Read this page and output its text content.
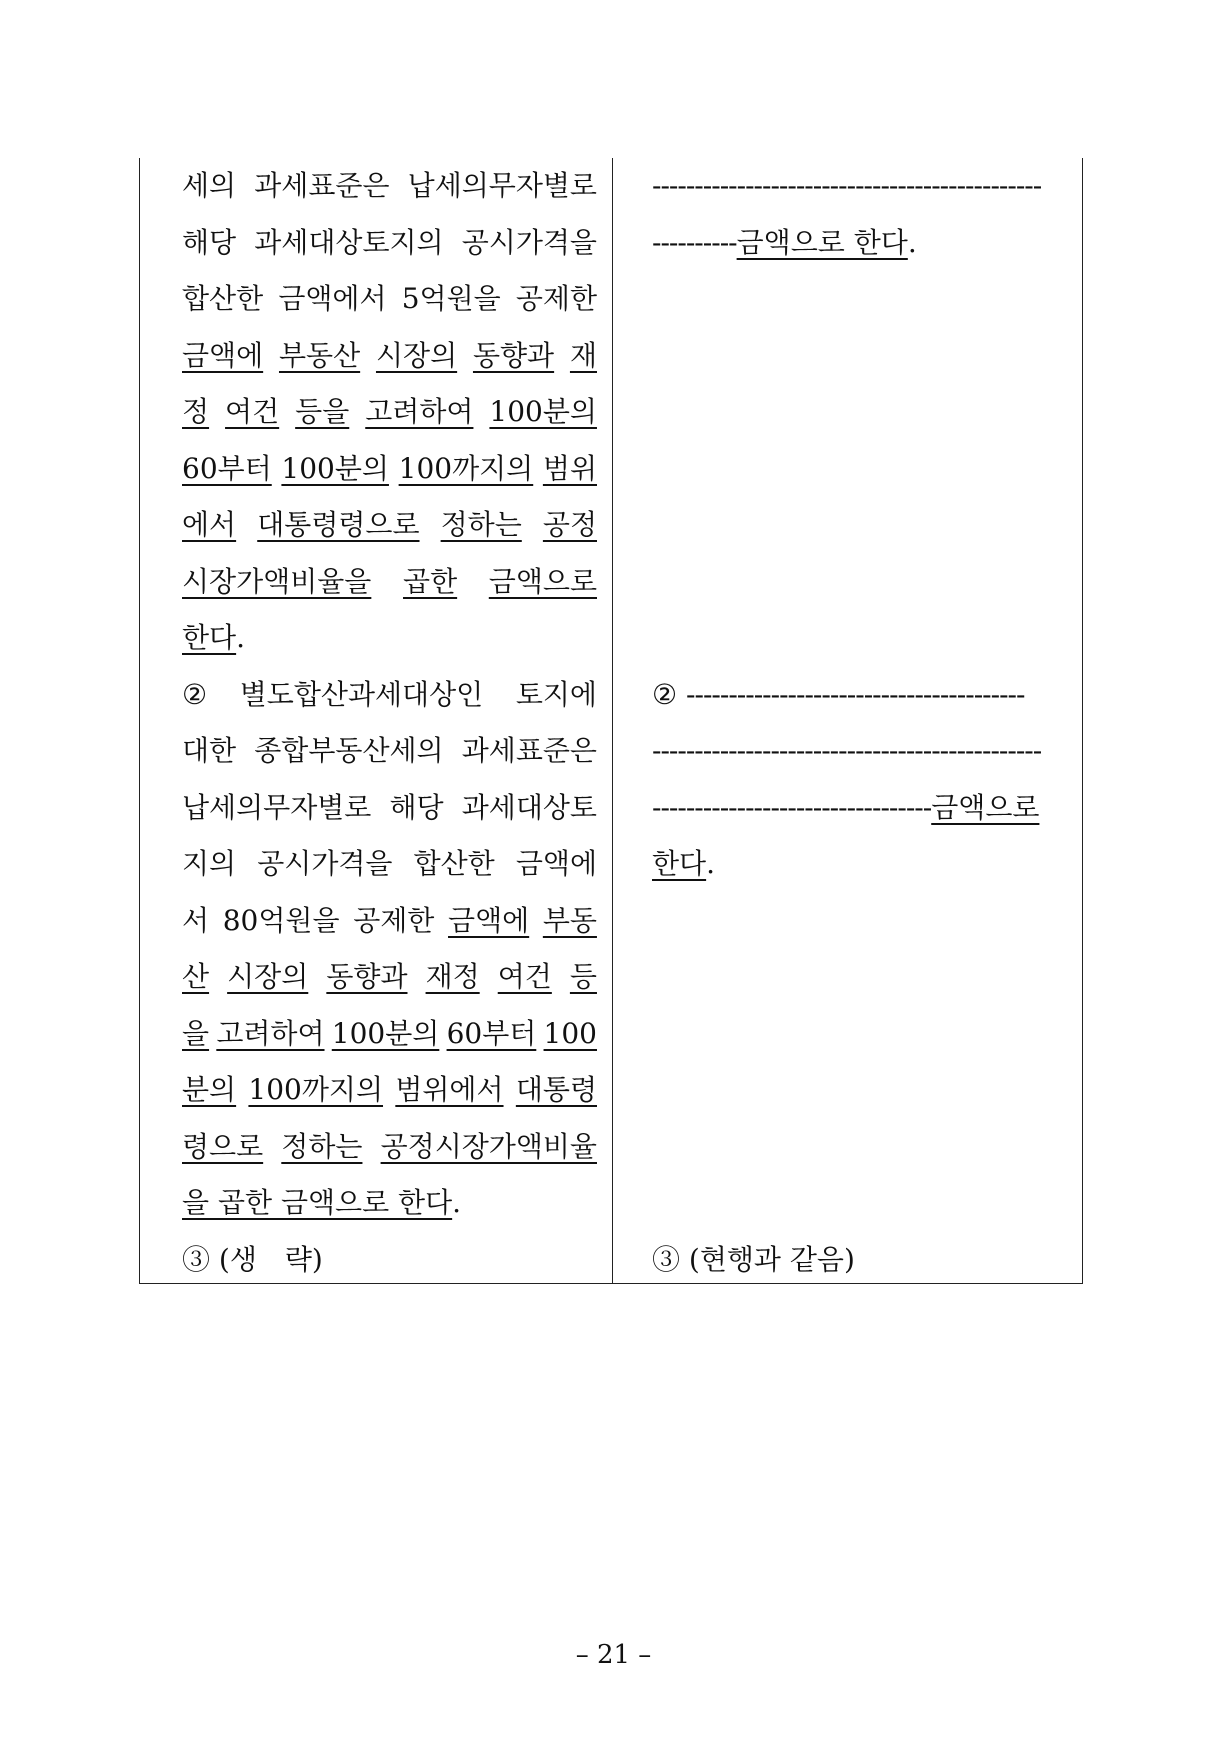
세의 과세표준은 납세의무자별로
해당 과세대상토지의 공시가격을
합산한 금액에서 5억원을 공제한
금액에 부동산 시장의 동향과 재
정 여건 등을 고려하여 100분의
60부터 100분의 100까지의 범위
에서 대통령령으로 정하는 공정
시장가액비율을 곱한 금액으로
한다.
② 별도합산과세대상인 토지에
대한 종합부동산세의 과세표준은
납세의무자별로 해당 과세대상토
지의 공시가격을 합산한 금액에
서 80억원을 공제한 금액에 부동
산 시장의 동향과 재정 여건 등
을 고려하여 100분의 60부터 100
분의 100까지의 범위에서 대통령
령으로 정하는 공정시장가액비율
을 곱한 금액으로 한다.
③ (생　략)
----------------------------------------------
----------금액으로 한다.
② ----------------------------------------
----------------------------------------------
---------------------------------금액으로
한다.
③ (현행과 같음)
– 21 –
